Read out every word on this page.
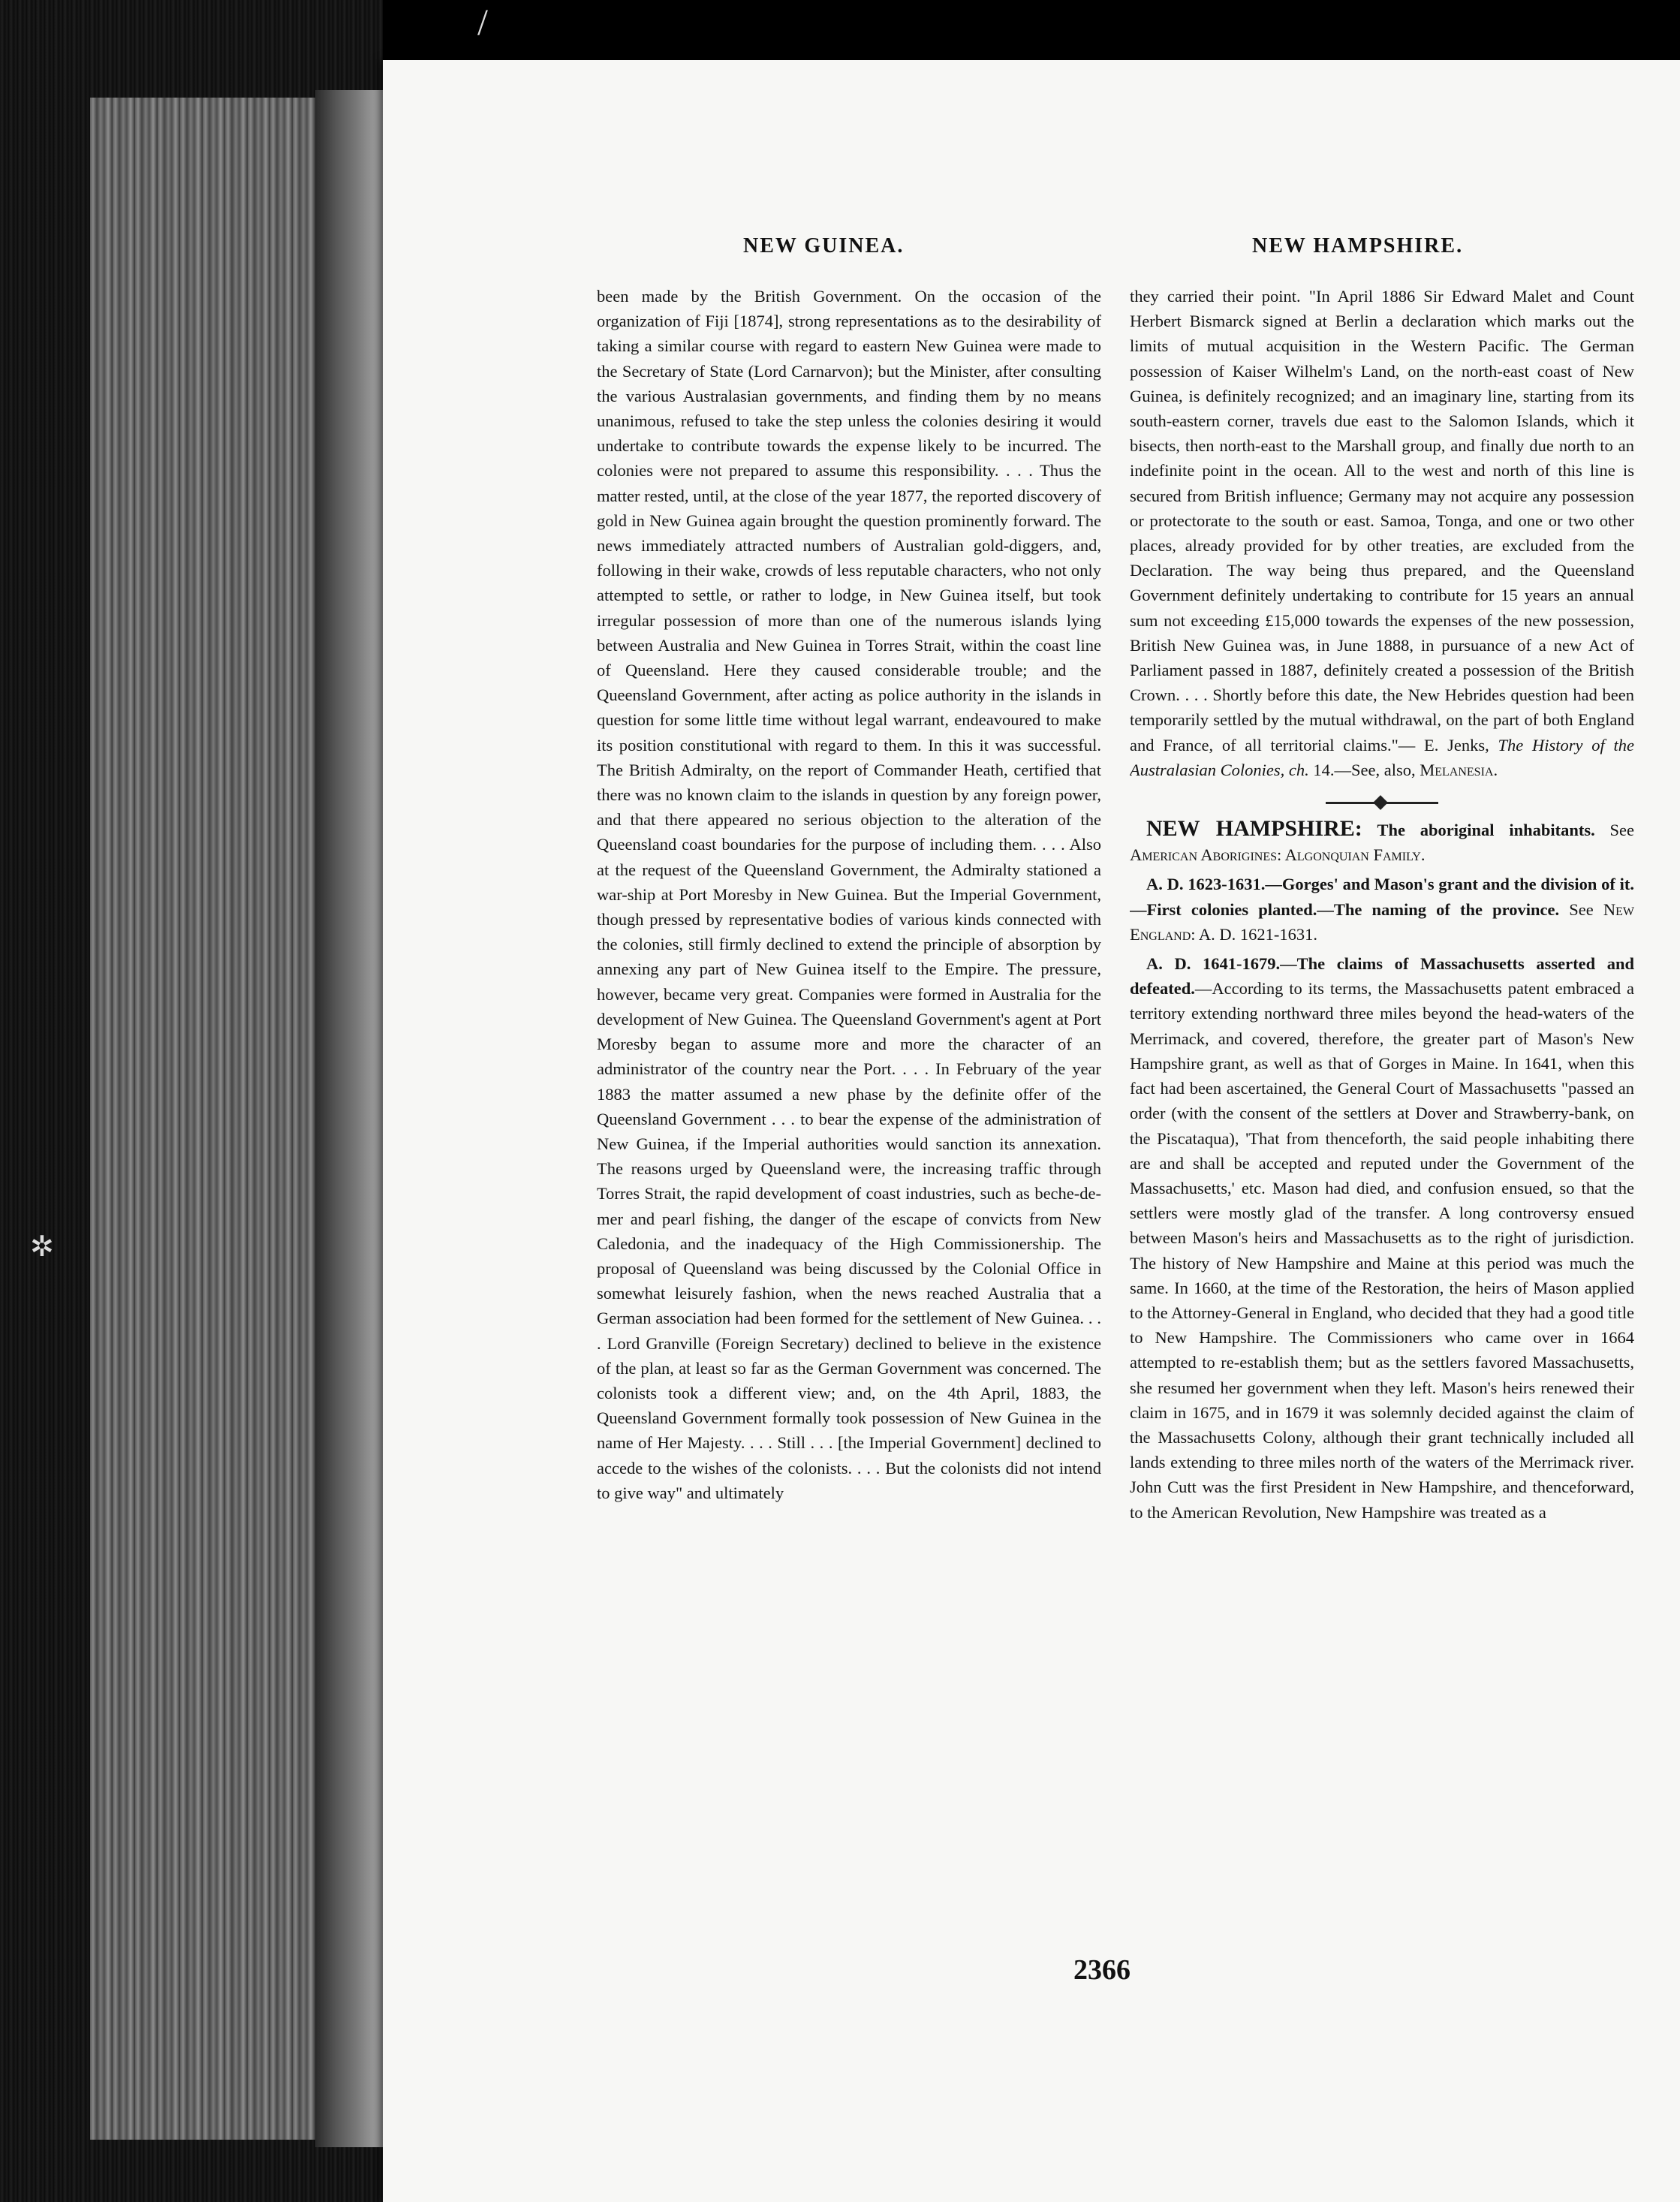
/
✲
NEW GUINEA.	NEW HAMPSHIRE.

been made by the British Government. On the occasion of the organization of Fiji [1874], strong representations as to the desirability of taking a similar course with regard to eastern New Guinea were made to the Secretary of State (Lord Carnarvon); but the Minister, after consulting the various Australasian governments, and finding them by no means unanimous, refused to take the step unless the colonies desiring it would undertake to contribute towards the expense likely to be incurred. The colonies were not prepared to assume this responsibility. . . . Thus the matter rested, until, at the close of the year 1877, the reported discovery of gold in New Guinea again brought the question prominently forward. The news immediately attracted numbers of Australian gold-diggers, and, following in their wake, crowds of less reputable characters, who not only attempted to settle, or rather to lodge, in New Guinea itself, but took irregular possession of more than one of the numerous islands lying between Australia and New Guinea in Torres Strait, within the coast line of Queensland. Here they caused considerable trouble; and the Queensland Government, after acting as police authority in the islands in question for some little time without legal warrant, endeavoured to make its position constitutional with regard to them. In this it was successful. The British Admiralty, on the report of Commander Heath, certified that there was no known claim to the islands in question by any foreign power, and that there appeared no serious objection to the alteration of the Queensland coast boundaries for the purpose of including them. . . . Also at the request of the Queensland Government, the Admiralty stationed a war-ship at Port Moresby in New Guinea. But the Imperial Government, though pressed by representative bodies of various kinds connected with the colonies, still firmly declined to extend the principle of absorption by annexing any part of New Guinea itself to the Empire. The pressure, however, became very great. Companies were formed in Australia for the development of New Guinea. The Queensland Government's agent at Port Moresby began to assume more and more the character of an administrator of the country near the Port. . . . In February of the year 1883 the matter assumed a new phase by the definite offer of the Queensland Government . . . to bear the expense of the administration of New Guinea, if the Imperial authorities would sanction its annexation. The reasons urged by Queensland were, the increasing traffic through Torres Strait, the rapid development of coast industries, such as beche-de-mer and pearl fishing, the danger of the escape of convicts from New Caledonia, and the inadequacy of the High Commissionership. The proposal of Queensland was being discussed by the Colonial Office in somewhat leisurely fashion, when the news reached Australia that a German association had been formed for the settlement of New Guinea. . . . Lord Granville (Foreign Secretary) declined to believe in the existence of the plan, at least so far as the German Government was concerned. The colonists took a different view; and, on the 4th April, 1883, the Queensland Government formally took possession of New Guinea in the name of Her Majesty. . . . Still . . . [the Imperial Government] declined to accede to the wishes of the colonists. . . . But the colonists did not intend to give way" and ultimately

they carried their point. "In April 1886 Sir Edward Malet and Count Herbert Bismarck signed at Berlin a declaration which marks out the limits of mutual acquisition in the Western Pacific. The German possession of Kaiser Wilhelm's Land, on the north-east coast of New Guinea, is definitely recognized; and an imaginary line, starting from its south-eastern corner, travels due east to the Salomon Islands, which it bisects, then north-east to the Marshall group, and finally due north to an indefinite point in the ocean. All to the west and north of this line is secured from British influence; Germany may not acquire any possession or protectorate to the south or east. Samoa, Tonga, and one or two other places, already provided for by other treaties, are excluded from the Declaration. The way being thus prepared, and the Queensland Government definitely undertaking to contribute for 15 years an annual sum not exceeding £15,000 towards the expenses of the new possession, British New Guinea was, in June 1888, in pursuance of a new Act of Parliament passed in 1887, definitely created a possession of the British Crown. . . . Shortly before this date, the New Hebrides question had been temporarily settled by the mutual withdrawal, on the part of both England and France, of all territorial claims."— E. Jenks, The History of the Australasian Colonies, ch. 14.—See, also, Melanesia.

NEW HAMPSHIRE: The aboriginal inhabitants. See American Aborigines: Algonquian Family.

A. D. 1623-1631.—Gorges' and Mason's grant and the division of it.—First colonies planted.—The naming of the province. See New England: A. D. 1621-1631.

A. D. 1641-1679.—The claims of Massachusetts asserted and defeated.—According to its terms, the Massachusetts patent embraced a territory extending northward three miles beyond the head-waters of the Merrimack, and covered, therefore, the greater part of Mason's New Hampshire grant, as well as that of Gorges in Maine. In 1641, when this fact had been ascertained, the General Court of Massachusetts "passed an order (with the consent of the settlers at Dover and Strawberry-bank, on the Piscataqua), 'That from thenceforth, the said people inhabiting there are and shall be accepted and reputed under the Government of the Massachusetts,' etc. Mason had died, and confusion ensued, so that the settlers were mostly glad of the transfer. A long controversy ensued between Mason's heirs and Massachusetts as to the right of jurisdiction. The history of New Hampshire and Maine at this period was much the same. In 1660, at the time of the Restoration, the heirs of Mason applied to the Attorney-General in England, who decided that they had a good title to New Hampshire. The Commissioners who came over in 1664 attempted to re-establish them; but as the settlers favored Massachusetts, she resumed her government when they left. Mason's heirs renewed their claim in 1675, and in 1679 it was solemnly decided against the claim of the Massachusetts Colony, although their grant technically included all lands extending to three miles north of the waters of the Merrimack river. John Cutt was the first President in New Hampshire, and thenceforward, to the American Revolution, New Hampshire was treated as a

2366
